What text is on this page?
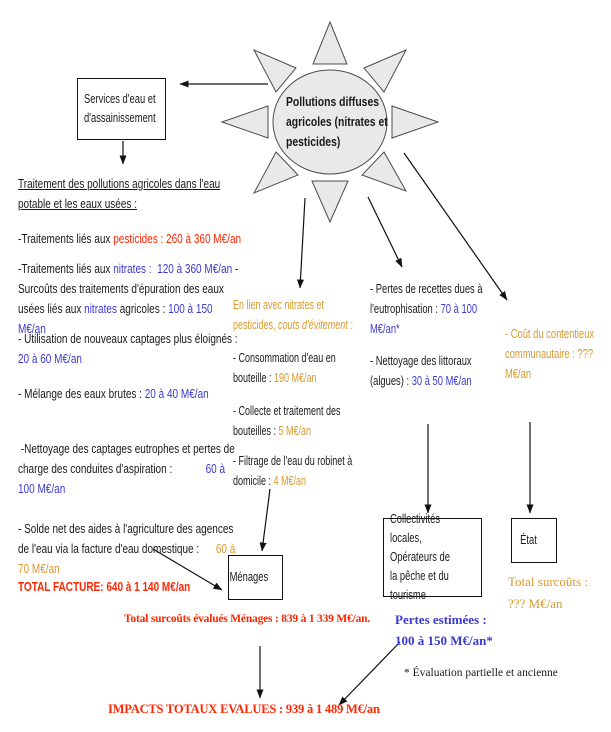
Pollutions diffuses agricoles (nitrates et pesticides)
Services d'eau et d'assainissement
Ménages
Collectivités locales, Opérateurs de la pêche et du tourisme
État
Traitement des pollutions agricoles dans l'eau potable et les eaux usées :
-Traitements liés aux pesticides : 260 à 360 M€/an
-Traitements liés aux nitrates :  120 à 360 M€/an - Surcoûts des traitements d'épuration des eaux usées liés aux nitrates agricoles : 100 à 150 M€/an
- Utilisation de nouveaux captages plus éloignés : 20 à 60 M€/an
- Mélange des eaux brutes : 20 à 40 M€/an
-Nettoyage des captages eutrophes et pertes de charge des conduites d'aspiration :            60 à 100 M€/an
- Solde net des aides à l'agriculture des agences de l'eau via la facture d'eau domestique :      60 à 70 M€/an
TOTAL FACTURE: 640 à 1 140 M€/an
En lien avec nitrates et pesticides, couts d'évitement :
- Consommation d'eau en bouteille : 190 M€/an
- Collecte et traitement des bouteilles : 5 M€/an
- Filtrage de l'eau du robinet à domicile : 4 M€/an
- Pertes de recettes dues à l'eutrophisation : 70 à 100 M€/an*
- Nettoyage des littoraux (algues) : 30 à 50 M€/an
- Coût du contentieux communautaire : ??? M€/an
Total surcoûts : ??? M€/an
Total surcoûts évalués Ménages : 839 à 1 339 M€/an.	Pertes estimées : 100 à 150 M€/an*
* Évaluation partielle et ancienne
IMPACTS TOTAUX EVALUES : 939 à 1 489 M€/an
